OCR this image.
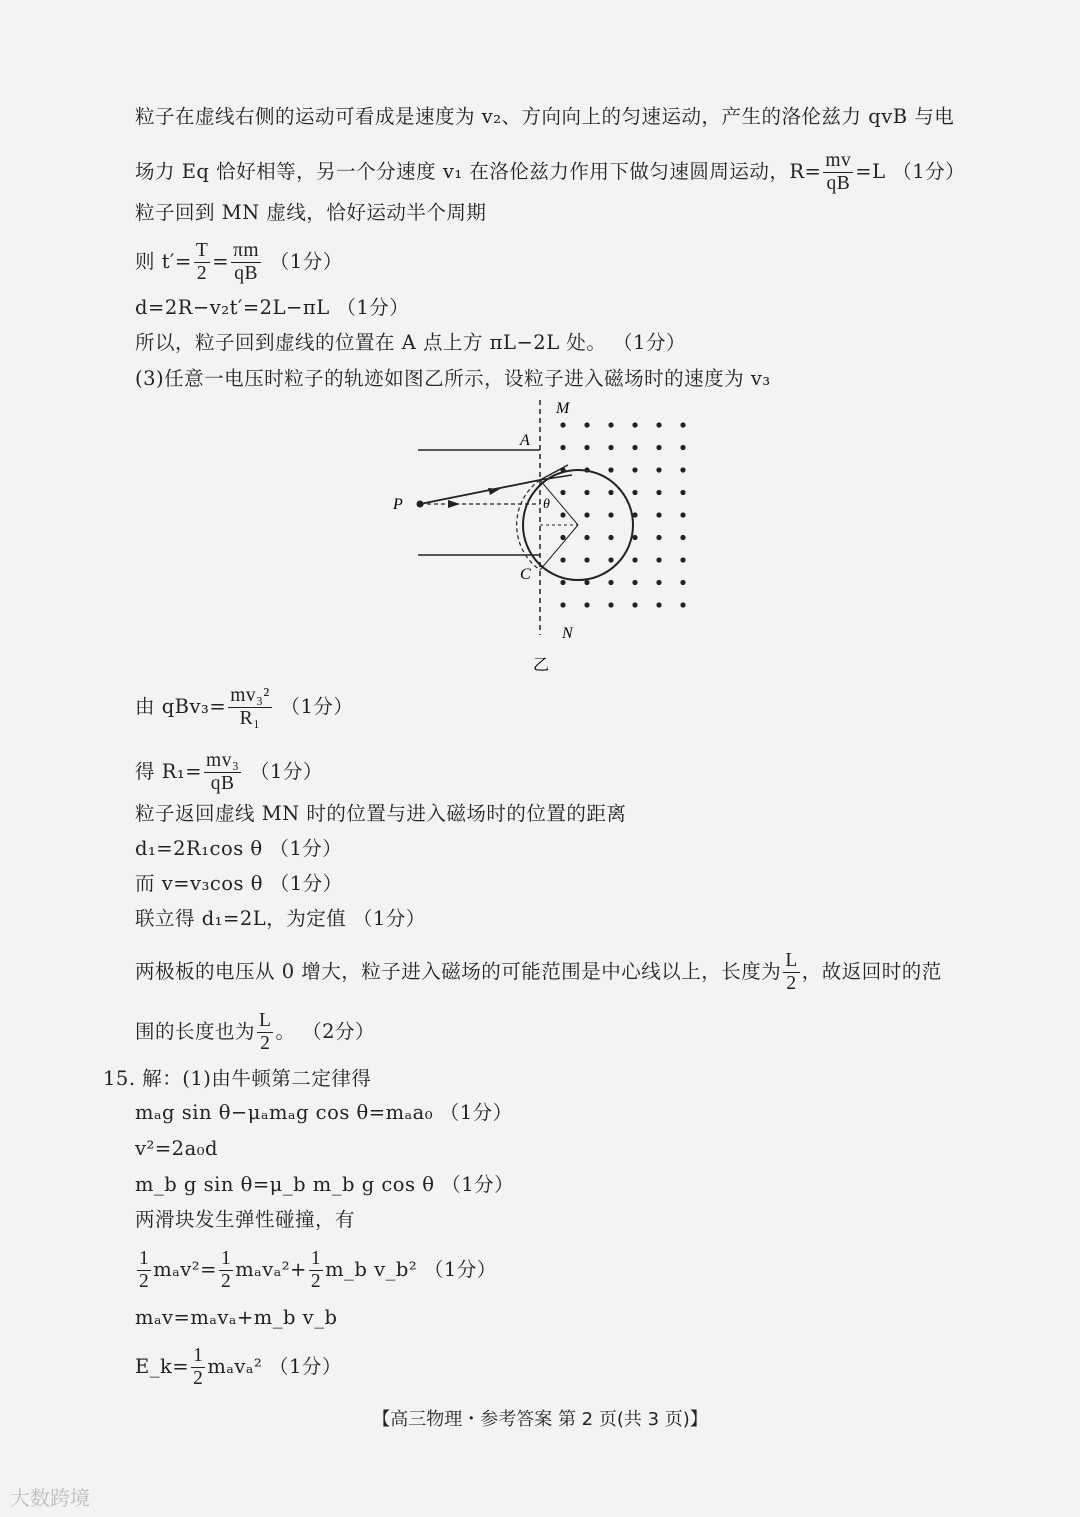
粒子在虚线右侧的运动可看成是速度为 v₂、方向向上的匀速运动，产生的洛伦兹力 qvB 与电
场力 Eq 恰好相等，另一个分速度 v₁ 在洛伦兹力作用下做匀速圆周运动，$R= \frac{mv}{qB} =L$ （1分）
粒子回到 MN 虚线，恰好运动半个周期
则 $t'= \frac{T}{2} = \frac{\pi m}{qB} (1$分）
d=2R−v₂t′=2L−πL （1分）
所以，粒子回到虚线的位置在 A 点上方 πL−2L 处。 （1分）
(3)任意一电压时粒子的轨迹如图乙所示，设粒子进入磁场时的速度为 v₃
M
A
P	θ
C
N
乙
由 $qBv_3= \frac{\text{mv₃²}}{\text{R₁}} (1$分）
得 $R_1= \frac{\text{mv₃}}{qB} (1$分）
粒子返回虚线 MN 时的位置与进入磁场时的位置的距离
d₁=2R₁cos θ （1分）
而 v=v₃cos θ （1分）
联立得 d₁=2L，为定值 （1分）
两极板的电压从 0 增大，粒子进入磁场的可能范围是中心线以上，长度为 $\frac{L}{2}$ ，故返回时的范
围的长度也为 $\frac{L}{2}$ 。 （2分）
15. 解：(1)由牛顿第二定律得
mₐg sin θ−μₐmₐg cos θ=mₐa₀ （1分）
v²=2a₀d
m_b g sin θ=μ_b m_b g cos θ （1分）
两滑块发生弹性碰撞，有
$\frac{1}{2} m_av^2= \frac{1}{2} m_av_a^2+ \frac{1}{2}$ m_b v_b² （1分）
mₐv=mₐvₐ+m_b v_b
E_k= $\frac{1}{2} m_av_a^2$ （1分）
【高三物理・参考答案 第 2 页(共 3 页)】
大数跨境
